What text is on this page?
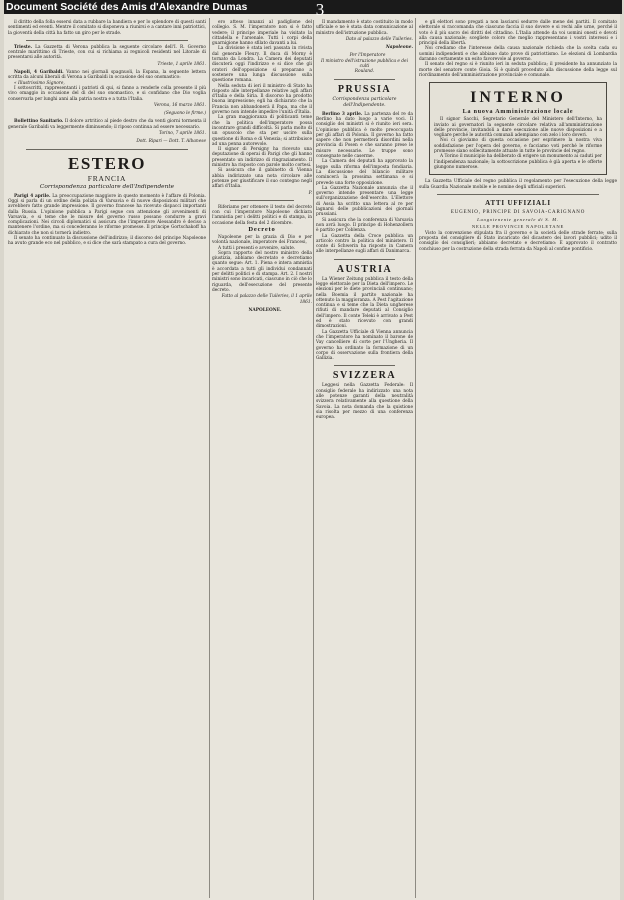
Document Société des Amis d'Alexandre Dumas	3

il diritto della folla essersi data a rubbare la bandiera e per lo splendore di questi santi sentimenti ed eventi. Mentre il comitato si disponeva a riunirsi e a cantare inni patriottici, la gioventù della città ha fatto un giro per le strade.

Trieste. La Gazzetta di Verona pubblica la seguente circolare dell'I. R. Governo centrale marittimo di Trieste, con cui si richiama ai regnicoli residenti nel Litorale di presentarsi alle autorità.

Trieste, 1 aprile 1861.

Napoli, 4 Garibaldi. Vanno nei giornali spagnuoli, la Espana, la seguente lettera scritta da alcuni liberali di Verona a Garibaldi in occasione del suo onomastico:

« Illustrissimo Signore,

I sottoscritti, rappresentanti i patrioti di qui, si fanno a renderle colla presente il più vivo omaggio in occasione del di del suo onomastico, e si confidano che Dio voglia conservarla per lunghi anni alla patria nostra e a tutta l'Italia.

Verona, 16 marzo 1861.

(Seguono le firme.)

Bollettino Sanitario. Il dolore artritico al piede destro che da venti giorni tormenta il generale Garibaldi va leggermente diminuendo; il riposo continua ad essere necessario.

Torino, 7 aprile 1861.

Dott. Ripari — Dott. T. Albanese

ESTERO
FRANCIA
Corrispondenza particolare dell'Indipendente

Parigi 4 aprile. La preoccupazione maggiore in questo momento è l'affare di Polonia. Oggi si parla di un ordine della polizia di Varsavia e di nuove disposizioni militari che avrebbero fatto grande impressione. Il governo francese ha ricevuto dispacci importanti dalla Russia. L'opinione pubblica a Parigi segue con attenzione gli avvenimenti di Varsavia, e si teme che le misure del governo russo possano condurre a gravi complicazioni. Nei circoli diplomatici si assicura che l'imperatore Alessandro è deciso a mantenere l'ordine, ma si concederanno le riforme promesse. Il principe Gortschakoff ha dichiarato che non si tornerà indietro.

Il senato ha continuato la discussione dell'indirizzo; il discorso del principe Napoleone ha avuto grande eco nel pubblico, e si dice che sarà stampato a cura del governo.

ero atteso innanzi al padiglione del collegio. S. M. l'imperatore non si è fatto vedere; il principe imperiale ha visitato la cittadella e l'arsenale. Tutti i corpi della guarnigione hanno sfilato davanti a lui.

La divisione è stata ieri passata in rivista dal generale Fleury. Il duca di Morny è tornato da Londra. La Camera dei deputati discuterà oggi l'indirizzo e si dice che gli oratori dell'opposizione si preparano a sostenere una lunga discussione sulla questione romana.

Nella seduta di ieri il ministro di Stato ha risposto alle interpellanze relative agli affari d'Italia e della Siria. Il discorso ha prodotto buona impressione; egli ha dichiarato che la Francia non abbandonerà il Papa, ma che il governo non intende impedire l'unità d'Italia.

La gran maggioranza di politicanti teme che la politica dell'imperatore possa incontrare grandi difficoltà. Si parla molto di un opuscolo che sta per uscire sulla questione di Roma e di Venezia; si attribuisce ad una penna autorevole.

Il signor di Persigny ha ricevuto una deputazione di operai di Parigi che gli hanno presentato un indirizzo di ringraziamento. Il ministro ha risposto con parole molto cortesi.

Si assicura che il gabinetto di Vienna abbia indirizzato una nota circolare alle potenze per giustificare il suo contegno negli affari d'Italia.

P.

Riferiamo per ottenere il testo del decreto con cui l'imperatore Napoleone dichiara l'amnistia per i delitti politici e di stampa, in occasione della festa del 2 dicembre.

Decreto

Napoleone per la grazia di Dio e per volontà nazionale, imperatore dei Francesi,

A tutti i presenti e avvenire, salute.

Sopra rapporto del nostro ministro della giustizia, abbiamo decretato e decretiamo quanto segue: Art. 1. Piena e intera amnistia è accordata a tutti gli individui condannati per delitti politici e di stampa. Art. 2. I nostri ministri sono incaricati, ciascuno in ciò che lo riguarda, dell'esecuzione del presente decreto.

Fatto al palazzo delle Tuileries, il 1 aprile 1861.

NAPOLEONE.

Il mandamento è stato costituito in modo ufficiale e ne è stata data comunicazione al ministro dell'istruzione pubblica.

Dato al palazzo delle Tuileries.

Napoleone.

Per l'Imperatore
Il ministro dell'istruzione pubblica e dei culti
Rouland.

PRUSSIA
Corrispondenza particolare dell'Indipendente.

Berlino 3 aprile. La partenza del re da Berlino ha dato luogo a varie voci. Il consiglio dei ministri si è riunito ieri sera. L'opinione pubblica è molto preoccupata per gli affari di Polonia. Il governo ha fatto sapere che non permetterà disordini nella provincia di Posen e che saranno prese le misure necessarie. Le truppe sono consegnate nelle caserme.

La Camera dei deputati ha approvato la legge sulla riforma dell'imposta fondiaria. La discussione del bilancio militare comincerà la prossima settimana e si prevede una forte opposizione.

La Gazzetta Nazionale annunzia che il governo intende presentare una legge sull'organizzazione dell'esercito. L'Elettore di Assia ha scritto una lettera al re per lagnarsi delle pubblicazioni dei giornali prussiani.

Si assicura che la conferenza di Varsavia non avrà luogo. Il principe di Hohenzollern è partito per Coblenza.

La Gazzetta della Croce pubblica un articolo contro la politica del ministero. Il conte di Schwerin ha risposto in Camera alle interpellanze sugli affari di Danimarca.

AUSTRIA

La Wiener Zeitung pubblica il testo della legge elettorale per la Dieta dell'impero. Le elezioni per le diete provinciali continuano; nella Boemia il partito nazionale ha ottenuto la maggioranza. A Pest l'agitazione continua e si teme che la Dieta ungherese rifiuti di mandare deputati al Consiglio dell'impero. Il conte Teleki è arrivato a Pest ed è stato ricevuto con grandi dimostrazioni.

La Gazzetta Ufficiale di Vienna annuncia che l'imperatore ha nominato il barone de Vay cancelliere di corte per l'Ungheria. Il governo ha ordinato la formazione di un corpo di osservazione sulla frontiera della Gallizia.

SVIZZERA

Leggesi nella Gazzetta Federale: Il consiglio federale ha indirizzato una nota alle potenze garanti della neutralità svizzera relativamente alla questione della Savoia. La nota domanda che la quistione sia risolta per mezzo di una conferenza europea.

e gli elettori sono pregati a non lasciarsi sedurre dalle mene dei partiti. Il comitato elettorale si raccomanda che ciascuno faccia il suo dovere e si rechi alle urne, perché il voto è il più sacro dei diritti del cittadino. L'Italia attende da voi uomini onesti e devoti alla causa nazionale; scegliete coloro che meglio rappresentano i vostri interessi e i principii della libertà.

Noi crediamo che l'interesse della causa nazionale richieda che la scelta cada su uomini indipendenti e che abbiano dato prove di patriottismo. Le elezioni di Lombardia daranno certamente un esito favorevole al governo.

Il senato del regno si è riunito ieri in seduta pubblica; il presidente ha annunziato la morte del senatore conte Gioia. Si è quindi proceduto alla discussione della legge sul riordinamento dell'amministrazione provinciale e comunale.

INTERNO
La nuova Amministrazione locale

Il signor Sacchi, Segretario Generale del Ministero dell'Interno, ha inviato ai governatori la seguente circolare relativa all'amministrazione delle provincie, invitandoli a dare esecuzione alle nuove disposizioni e a vegliare perché le autorità comunali adempiano con zelo i loro doveri.

Noi ci gioviamo di questa occasione per esprimere la nostra viva soddisfazione per l'opera del governo, e facciamo voti perché le riforme promesse siano sollecitamente attuate in tutte le provincie del regno.

A Torino il municipio ha deliberato di erigere un monumento ai caduti per l'indipendenza nazionale; la sottoscrizione pubblica è già aperta e le offerte giungono numerose.

La Gazzetta Ufficiale del regno pubblica il regolamento per l'esecuzione della legge sulla Guardia Nazionale mobile e le nomine degli ufficiali superiori.

ATTI UFFIZIALI
EUGENIO, PRINCIPE DI SAVOIA-CARIGNANO
Luogotenente generale di S. M.
NELLE PROVINCIE NAPOLETANE

Visto la convenzione stipulata fra il governo e la società delle strade ferrate; sulla proposta del consigliere di Stato incaricato del dicastero dei lavori pubblici; udito il consiglio dei consiglieri; abbiamo decretato e decretiamo: È approvato il contratto conchiuso per la costruzione della strada ferrata da Napoli al confine pontificio.
